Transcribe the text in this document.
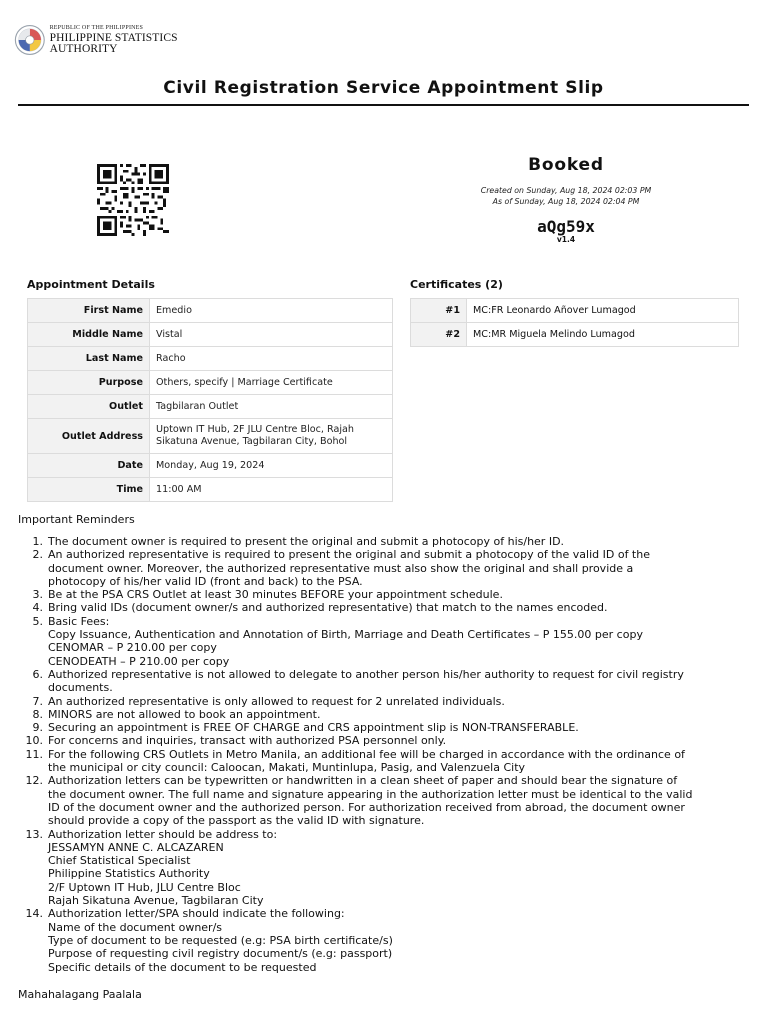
REPUBLIC OF THE PHILIPPINES
PHILIPPINE STATISTICS AUTHORITY
Civil Registration Service Appointment Slip
Booked
Created on Sunday, Aug 18, 2024 02:03 PM
As of Sunday, Aug 18, 2024 02:04 PM
aQg59x
v1.4
Appointment Details
First Name	Emedio
Middle Name	Vistal
Last Name	Racho
Purpose	Others, specify | Marriage Certificate
Outlet	Tagbilaran Outlet
Outlet Address	Uptown IT Hub, 2F JLU Centre Bloc, Rajah Sikatuna Avenue, Tagbilaran City, Bohol

Date	Monday, Aug 19, 2024
Time	11:00 AM
Certificates (2)
#1	MC:FR Leonardo Añover Lumagod
#2	MC:MR Miguela Melindo Lumagod
Important Reminders
The document owner is required to present the original and submit a photocopy of his/her ID.
An authorized representative is required to present the original and submit a photocopy of the valid ID of the
document owner. Moreover, the authorized representative must also show the original and shall provide a
photocopy of his/her valid ID (front and back) to the PSA.
Be at the PSA CRS Outlet at least 30 minutes BEFORE your appointment schedule.
Bring valid IDs (document owner/s and authorized representative) that match to the names encoded.
Basic Fees:
Copy Issuance, Authentication and Annotation of Birth, Marriage and Death Certificates – P 155.00 per copy
CENOMAR – P 210.00 per copy
CENODEATH – P 210.00 per copy
Authorized representative is not allowed to delegate to another person his/her authority to request for civil registry
documents.
An authorized representative is only allowed to request for 2 unrelated individuals.
MINORS are not allowed to book an appointment.
Securing an appointment is FREE OF CHARGE and CRS appointment slip is NON-TRANSFERABLE.
For concerns and inquiries, transact with authorized PSA personnel only.
For the following CRS Outlets in Metro Manila, an additional fee will be charged in accordance with the ordinance of
the municipal or city council: Caloocan, Makati, Muntinlupa, Pasig, and Valenzuela City
Authorization letters can be typewritten or handwritten in a clean sheet of paper and should bear the signature of
the document owner. The full name and signature appearing in the authorization letter must be identical to the valid
ID of the document owner and the authorized person. For authorization received from abroad, the document owner
should provide a copy of the passport as the valid ID with signature.
Authorization letter should be address to:
JESSAMYN ANNE C. ALCAZAREN
Chief Statistical Specialist
Philippine Statistics Authority
2/F Uptown IT Hub, JLU Centre Bloc
Rajah Sikatuna Avenue, Tagbilaran City
Authorization letter/SPA should indicate the following:
Name of the document owner/s
Type of document to be requested (e.g: PSA birth certificate/s)
Purpose of requesting civil registry document/s (e.g: passport)
Specific details of the document to be requested
Mahahalagang Paalala
